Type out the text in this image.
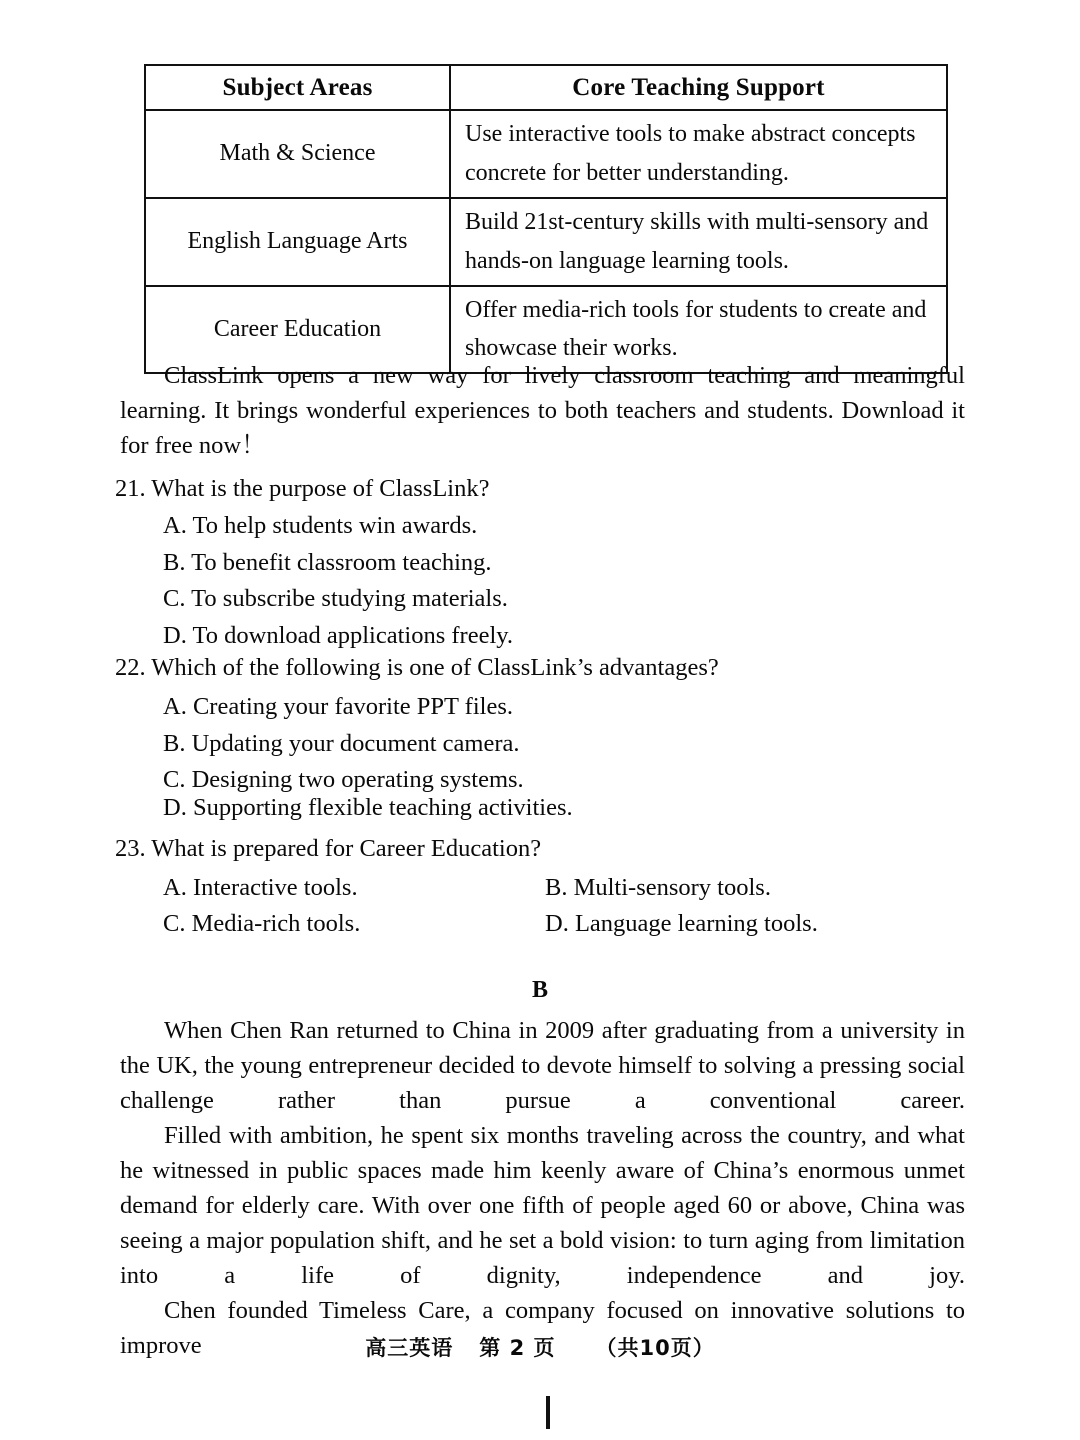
Subject Areas	Core Teaching Support
Math & Science	Use interactive tools to make abstract concepts concrete for better understanding.
English Language Arts	Build 21st-century skills with multi-sensory and hands-on language learning tools.
Career Education	Offer media-rich tools for students to create and showcase their works.
ClassLink opens a new way for lively classroom teaching and meaningful learning. It brings wonderful experiences to both teachers and students. Download it for free now！
21. What is the purpose of ClassLink?
A. To help students win awards.
B. To benefit classroom teaching.
C. To subscribe studying materials.
D. To download applications freely.
22. Which of the following is one of ClassLink’s advantages?
A. Creating your favorite PPT files.
B. Updating your document camera.
C. Designing two operating systems.
D. Supporting flexible teaching activities.
23. What is prepared for Career Education?
A. Interactive tools.	B. Multi-sensory tools.
C. Media-rich tools.	D. Language learning tools.
B
When Chen Ran returned to China in 2009 after graduating from a university in the UK, the young entrepreneur decided to devote himself to solving a pressing social challenge rather than pursue a conventional career.
Filled with ambition, he spent six months traveling across the country, and what he witnessed in public spaces made him keenly aware of China’s enormous unmet demand for elderly care. With over one fifth of people aged 60 or above, China was seeing a major population shift, and he set a bold vision: to turn aging from limitation into a life of dignity, independence and joy.
Chen founded Timeless Care, a company focused on innovative solutions to improve	高三英语 第 2 页 （共10页）
